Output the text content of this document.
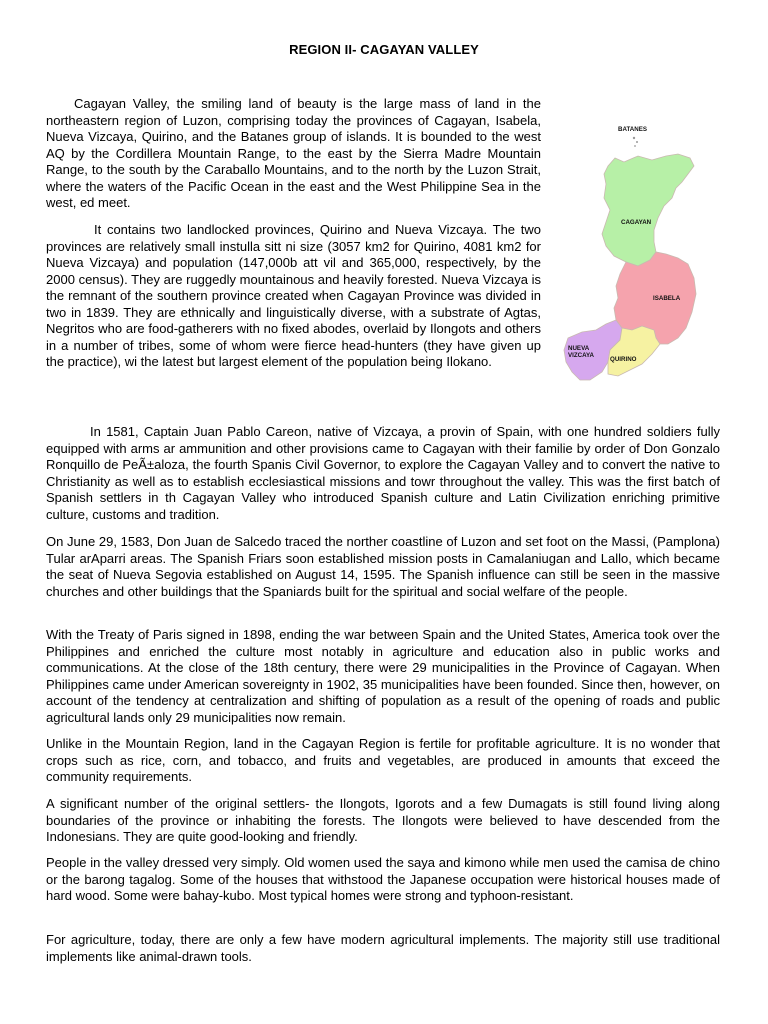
REGION II- CAGAYAN VALLEY

Cagayan Valley, the smiling land of beauty is the large mass of land in the northeastern region of Luzon, comprising today the provinces of Cagayan, Isabela, Nueva Vizcaya, Quirino, and the Batanes group of islands. It is bounded to the west AQ by the Cordillera Mountain Range, to the east by the Sierra Madre Mountain Range, to the south by the Caraballo Mountains, and to the north by the Luzon Strait, where the waters of the Pacific Ocean in the east and the West Philippine Sea in the west, ed meet.

It contains two landlocked provinces, Quirino and Nueva Vizcaya. The two provinces are relatively small instulla sitt ni size (3057 km2 for Quirino, 4081 km2 for Nueva Vizcaya) and population (147,000b att vil and 365,000, respectively, by the 2000 census). They are ruggedly mountainous and heavily forested. Nueva Vizcaya is the remnant of the southern province created when Cagayan Province was divided in two in 1839. They are ethnically and linguistically diverse, with a substrate of Agtas, Negritos who are food-gatherers with no fixed abodes, overlaid by Ilongots and others in a number of tribes, some of whom were fierce head-hunters (they have given up the practice), wi the latest but largest element of the population being Ilokano.

In 1581, Captain Juan Pablo Careon, native of Vizcaya, a provin of Spain, with one hundred soldiers fully equipped with arms ar ammunition and other provisions came to Cagayan with their familie by order of Don Gonzalo Ronquillo de PeÃ±aloza, the fourth Spanis Civil Governor, to explore the Cagayan Valley and to convert the native to Christianity as well as to establish ecclesiastical missions and towr throughout the valley. This was the first batch of Spanish settlers in th Cagayan Valley who introduced Spanish culture and Latin Civilization enriching primitive culture, customs and tradition.

On June 29, 1583, Don Juan de Salcedo traced the norther coastline of Luzon and set foot on the Massi, (Pamplona) Tular arAparri areas. The Spanish Friars soon established mission posts in Camalaniugan and Lallo, which became the seat of Nueva Segovia established on August 14, 1595. The Spanish influence can still be seen in the massive churches and other buildings that the Spaniards built for the spiritual and social welfare of the people.

With the Treaty of Paris signed in 1898, ending the war between Spain and the United States, America took over the Philippines and enriched the culture most notably in agriculture and education also in public works and communications. At the close of the 18th century, there were 29 municipalities in the Province of Cagayan. When Philippines came under American sovereignty in 1902, 35 municipalities have been founded. Since then, however, on account of the tendency at centralization and shifting of population as a result of the opening of roads and public agricultural lands only 29 municipalities now remain.

Unlike in the Mountain Region, land in the Cagayan Region is fertile for profitable agriculture. It is no wonder that crops such as rice, corn, and tobacco, and fruits and vegetables, are produced in amounts that exceed the community requirements.

A significant number of the original settlers- the Ilongots, Igorots and a few Dumagats is still found living along boundaries of the province or inhabiting the forests. The Ilongots were believed to have descended from the Indonesians. They are quite good-looking and friendly.

People in the valley dressed very simply. Old women used the saya and kimono while men used the camisa de chino or the barong tagalog. Some of the houses that withstood the Japanese occupation were historical houses made of hard wood. Some were bahay-kubo. Most typical homes were strong and typhoon-resistant.

For agriculture, today, there are only a few have modern agricultural implements. The majority still use traditional implements like animal-drawn tools.

BATANES
CAGAYAN
ISABELA
NUEVA
VIZCAYA
QUIRINO
